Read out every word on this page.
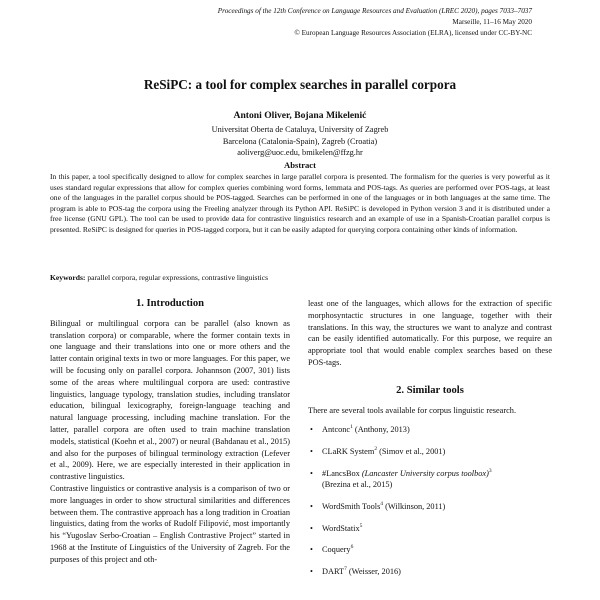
Proceedings of the 12th Conference on Language Resources and Evaluation (LREC 2020), pages 7033–7037
Marseille, 11–16 May 2020
© European Language Resources Association (ELRA), licensed under CC-BY-NC
ReSiPC: a tool for complex searches in parallel corpora
Antoni Oliver, Bojana Mikelenić
Universitat Oberta de Cataluya, University of Zagreb
Barcelona (Catalonia-Spain), Zagreb (Croatia)
aoliverg@uoc.edu, bmikelen@ffzg.hr
Abstract
In this paper, a tool specifically designed to allow for complex searches in large parallel corpora is presented. The formalism for the queries is very powerful as it uses standard regular expressions that allow for complex queries combining word forms, lemmata and POS-tags. As queries are performed over POS-tags, at least one of the languages in the parallel corpus should be POS-tagged. Searches can be performed in one of the languages or in both languages at the same time. The program is able to POS-tag the corpora using the Freeling analyzer through its Python API. ReSiPC is developed in Python version 3 and it is distributed under a free license (GNU GPL). The tool can be used to provide data for contrastive linguistics research and an example of use in a Spanish-Croatian parallel corpus is presented. ReSiPC is designed for queries in POS-tagged corpora, but it can be easily adapted for querying corpora containing other kinds of information.
Keywords: parallel corpora, regular expressions, contrastive linguistics
1. Introduction

Bilingual or multilingual corpora can be parallel (also known as translation corpora) or comparable, where the former contain texts in one language and their translations into one or more others and the latter contain original texts in two or more languages. For this paper, we will be focusing only on parallel corpora. Johannson (2007, 301) lists some of the areas where multilingual corpora are used: contrastive linguistics, language typology, translation studies, including translator education, bilingual lexicography, foreign-language teaching and natural language processing, including machine translation. For the latter, parallel corpora are often used to train machine translation models, statistical (Koehn et al., 2007) or neural (Bahdanau et al., 2015) and also for the purposes of bilingual terminology extraction (Lefever et al., 2009). Here, we are especially interested in their application in contrastive linguistics.

Contrastive linguistics or contrastive analysis is a comparison of two or more languages in order to show structural similarities and differences between them. The contrastive approach has a long tradition in Croatian linguistics, dating from the works of Rudolf Filipović, most importantly his “Yugoslav Serbo-Croatian – English Contrastive Project” started in 1968 at the Institute of Linguistics of the University of Zagreb. For the purposes of this project and oth-

least one of the languages, which allows for the extraction of specific morphosyntactic structures in one language, together with their translations. In this way, the structures we want to analyze and contrast can be easily identified automatically. For this purpose, we require an appropriate tool that would enable complex searches based on these POS-tags.

2. Similar tools

There are several tools available for corpus linguistic research.

• Antconc$^1$ (Anthony, 2013)
• CLaRK System$^2$ (Simov et al., 2001)
• #LancsBox (Lancaster University corpus toolbox)$^3$
(Brezina et al., 2015)
• WordSmith Tools$^4$ (Wilkinson, 2011)
• WordStatix$^5$
• Coquery$^6$
• DART$^7$ (Weisser, 2016)
